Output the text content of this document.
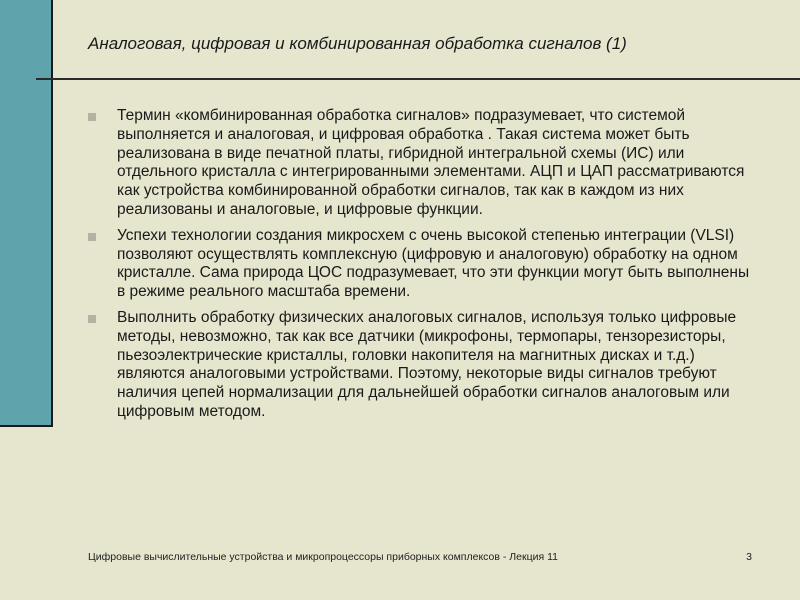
Аналоговая, цифровая и комбинированная обработка сигналов (1)
Термин «комбинированная обработка сигналов» подразумевает, что системой выполняется и аналоговая, и цифровая обработка . Такая система может быть реализована в виде печатной платы, гибридной интегральной схемы (ИС) или отдельного кристалла с интегрированными элементами. АЦП и ЦАП рассматриваются как устройства комбинированной обработки сигналов, так как в каждом из них реализованы и аналоговые, и цифровые функции.
Успехи технологии создания микросхем с очень высокой степенью интеграции (VLSI) позволяют осуществлять комплексную (цифровую и аналоговую) обработку на одном кристалле. Сама природа ЦОС подразумевает, что эти функции могут быть выполнены в режиме реального масштаба времени.
Выполнить обработку физических аналоговых сигналов, используя только цифровые методы, невозможно, так как все датчики (микрофоны, термопары, тензорезисторы, пьезоэлектрические кристаллы, головки накопителя на магнитных дисках и т.д.) являются аналоговыми устройствами. Поэтому, некоторые виды сигналов требуют наличия цепей нормализации для дальнейшей обработки сигналов аналоговым или цифровым методом.
Цифровые вычислительные устройства и микропроцессоры приборных комплексов - Лекция 11	3
